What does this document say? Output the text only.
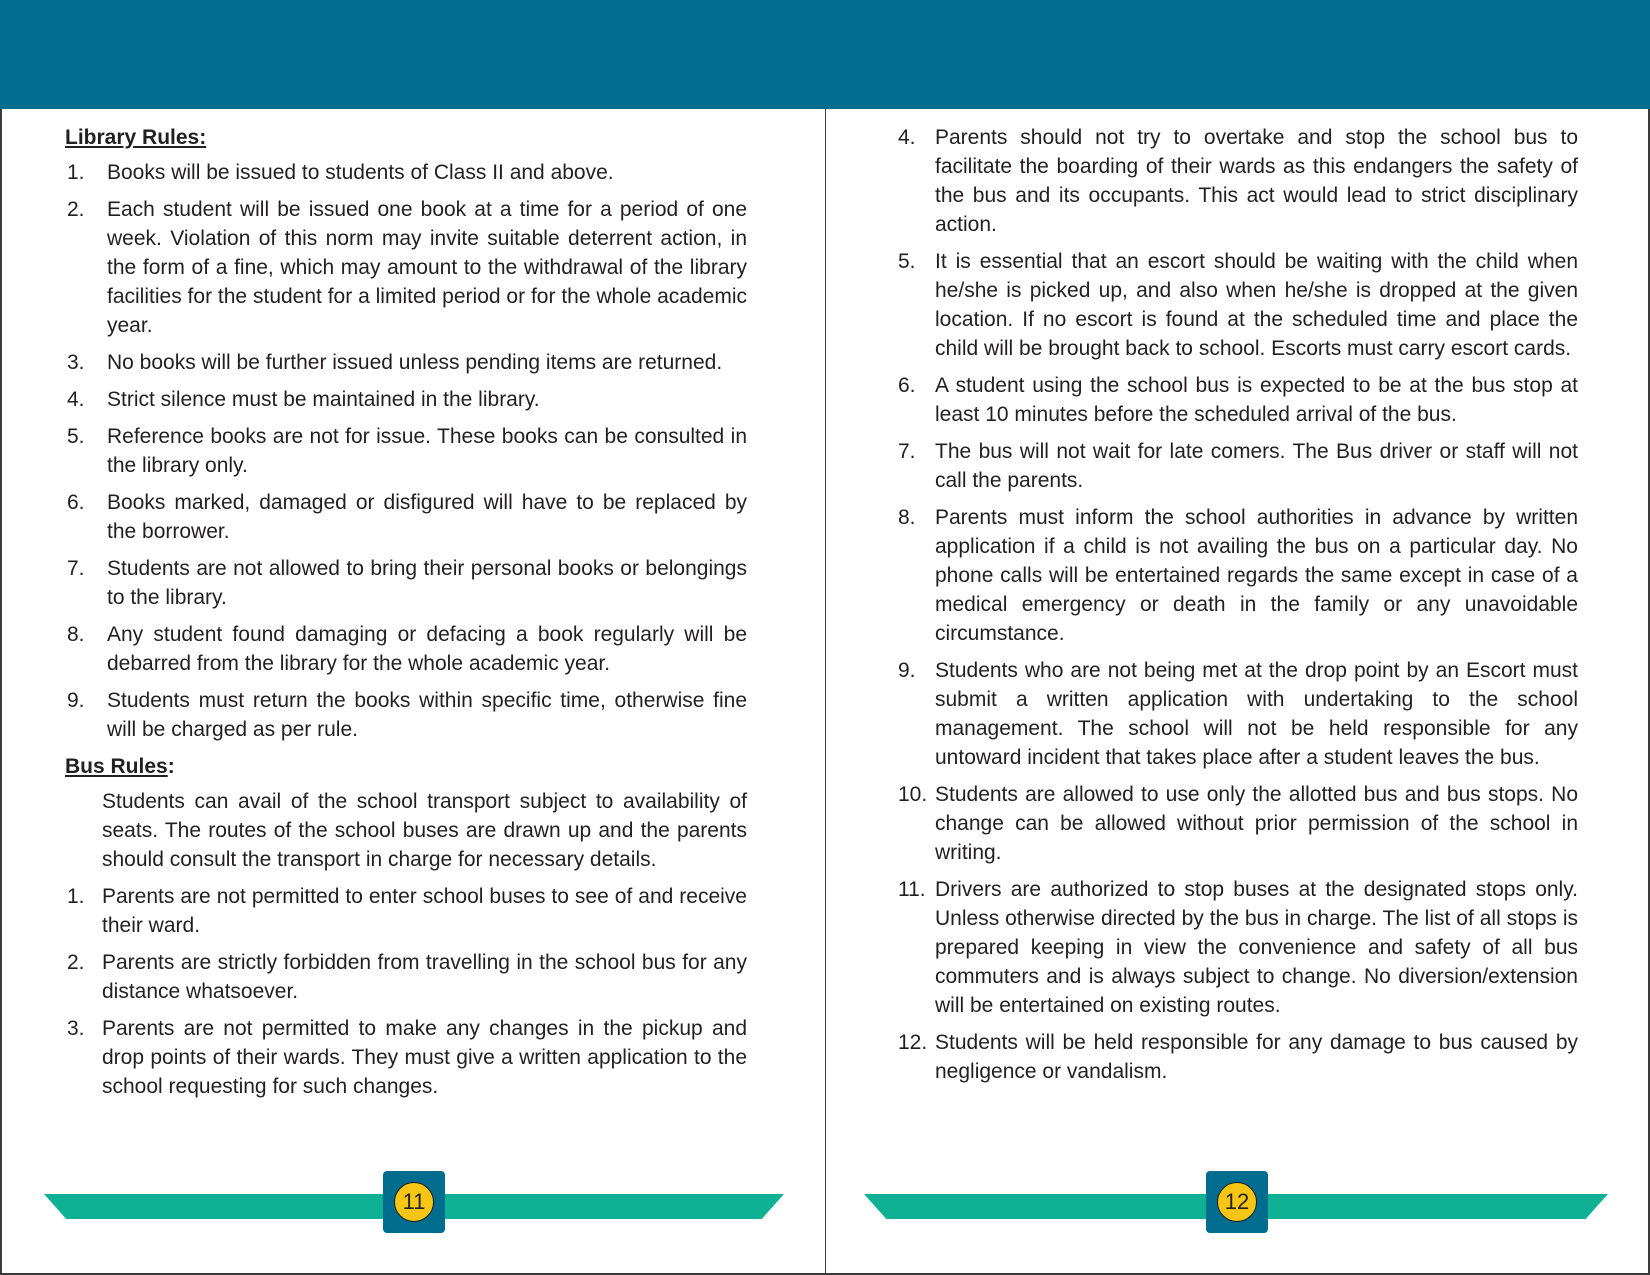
Library Rules:
1. Books will be issued to students of Class II and above.
2. Each student will be issued one book at a time for a period of one week. Violation of this norm may invite suitable deterrent action, in the form of a fine, which may amount to the withdrawal of the library facilities for the student for a limited period or for the whole academic year.
3. No books will be further issued unless pending items are returned.
4. Strict silence must be maintained in the library.
5. Reference books are not for issue. These books can be consulted in the library only.
6. Books marked, damaged or disfigured will have to be replaced by the borrower.
7. Students are not allowed to bring their personal books or belongings to the library.
8. Any student found damaging or defacing a book regularly will be debarred from the library for the whole academic year.
9. Students must return the books within specific time, otherwise fine will be charged as per rule.
Bus Rules:
Students can avail of the school transport subject to availability of seats. The routes of the school buses are drawn up and the parents should consult the transport in charge for necessary details.
1. Parents are not permitted to enter school buses to see of and receive their ward.
2. Parents are strictly forbidden from travelling in the school bus for any distance whatsoever.
3. Parents are not permitted to make any changes in the pickup and drop points of their wards. They must give a written application to the school requesting for such changes.
11
4. Parents should not try to overtake and stop the school bus to facilitate the boarding of their wards as this endangers the safety of the bus and its occupants. This act would lead to strict disciplinary action.
5. It is essential that an escort should be waiting with the child when he/she is picked up, and also when he/she is dropped at the given location. If no escort is found at the scheduled time and place the child will be brought back to school. Escorts must carry escort cards.
6. A student using the school bus is expected to be at the bus stop at least 10 minutes before the scheduled arrival of the bus.
7. The bus will not wait for late comers. The Bus driver or staff will not call the parents.
8. Parents must inform the school authorities in advance by written application if a child is not availing the bus on a particular day. No phone calls will be entertained regards the same except in case of a medical emergency or death in the family or any unavoidable circumstance.
9. Students who are not being met at the drop point by an Escort must submit a written application with undertaking to the school management. The school will not be held responsible for any untoward incident that takes place after a student leaves the bus.
10. Students are allowed to use only the allotted bus and bus stops. No change can be allowed without prior permission of the school in writing.
11. Drivers are authorized to stop buses at the designated stops only. Unless otherwise directed by the bus in charge. The list of all stops is prepared keeping in view the convenience and safety of all bus commuters and is always subject to change. No diversion/extension will be entertained on existing routes.
12. Students will be held responsible for any damage to bus caused by negligence or vandalism.
12
